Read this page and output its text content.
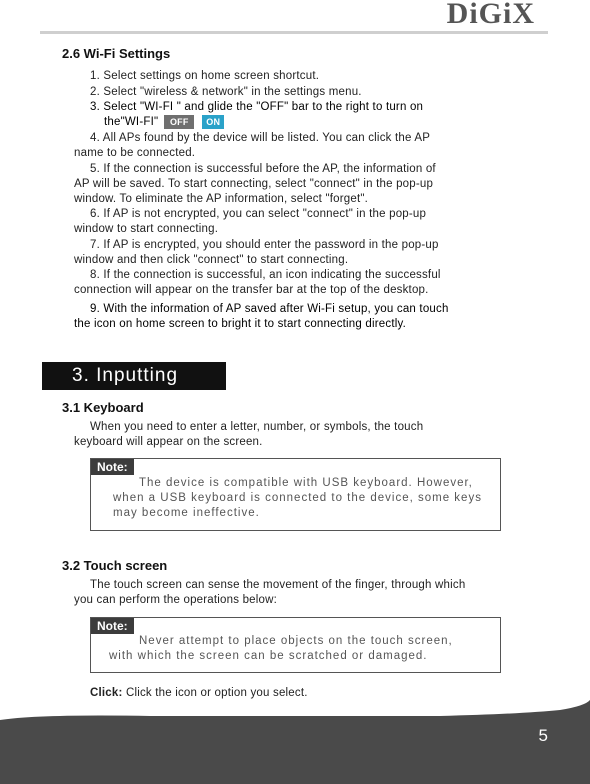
DiGiX
2.6 Wi-Fi Settings
1. Select settings on home screen shortcut.
2. Select "wireless & network" in the settings menu.
3. Select "WI-FI " and glide the "OFF" bar to the right to turn on
the"WI-FI" OFF ON
4. All APs found by the device will be listed. You can click the AP
name to be connected.
5. If the connection is successful before the AP, the information of
AP will be saved. To start connecting, select "connect" in the pop-up
window. To eliminate the AP information, select "forget".
6. If AP is not encrypted, you can select "connect" in the pop-up
window to start connecting.
7. If AP is encrypted, you should enter the password in the pop-up
window and then click "connect" to start connecting.
8. If the connection is successful, an icon indicating the successful
connection will appear on the transfer bar at the top of the desktop.
9. With the information of AP saved after Wi-Fi setup, you can touch
the icon on home screen to bright it to start connecting directly.
3. Inputting
3.1 Keyboard
When you need to enter a letter, number, or symbols, the touch
keyboard will appear on the screen.
Note:
The device is compatible with USB keyboard. However,
when a USB keyboard is connected to the device, some keys
may become ineffective.
3.2 Touch screen
The touch screen can sense the movement of the finger, through which
you can perform the operations below:
Note:
Never attempt to place objects on the touch screen,
with which the screen can be scratched or damaged.
Click: Click the icon or option you select.
5
